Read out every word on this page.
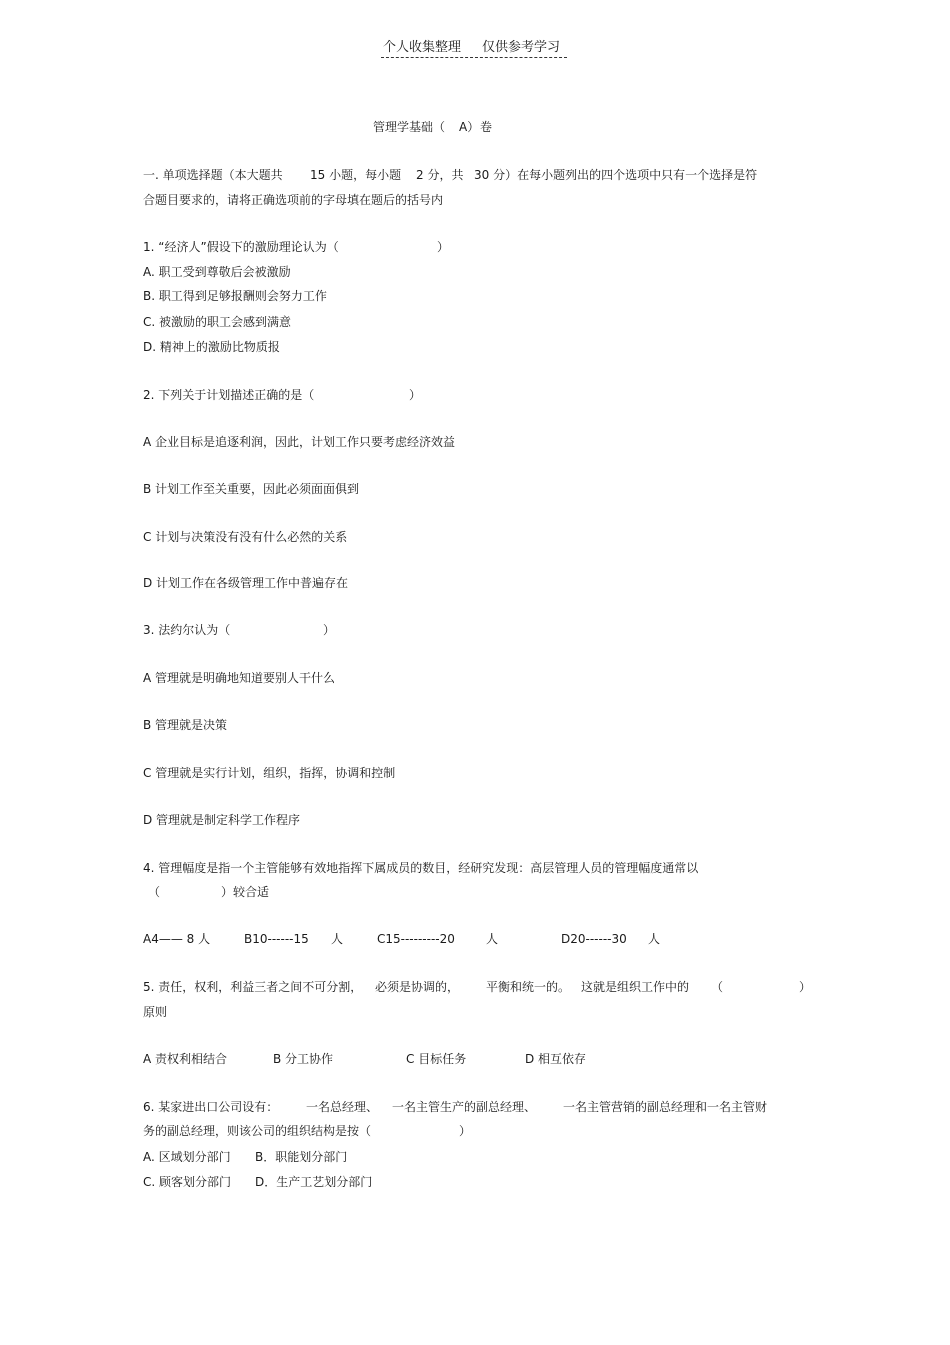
个人收集整理 仅供参考学习
管理学基础（ A） 卷
一. 单项选择题（本大题共 15 小题，每小题 2 分，共 30 分）在每小题列出的四个选项中只有一个选择是符
合题目要求的，请将正确选项前的字母填在题后的括号内
1. “经济人”假设下的激励理论认为（	）
A. 职工受到尊敬后会被激励
B. 职工得到足够报酬则会努力工作
C. 被激励的职工会感到满意
D. 精神上的激励比物质报
2. 下列关于计划描述正确的是（	）
A 企业目标是追逐利润，因此，计划工作只要考虑经济效益
B 计划工作至关重要，因此必须面面俱到
C 计划与决策没有没有什么必然的关系
D 计划工作在各级管理工作中普遍存在
3. 法约尔认为（	）
A 管理就是明确地知道要别人干什么
B 管理就是决策
C 管理就是实行计划，组织，指挥，协调和控制
D 管理就是制定科学工作程序
4. 管理幅度是指一个主管能够有效地指挥下属成员的数目，经研究发现：高层管理人员的管理幅度通常以
（	）较合适
A4—— 8 人	B10------15 人	C15---------20	人	D20------30 人
5. 责任，权利，利益三者之间不可分割， 必须是协调的， 平衡和统一的。 这就是组织工作中的 （	）
原则
A 责权利相结合	B 分工协作	C 目标任务	D 相互依存
6. 某家进出口公司设有： 一名总经理、 一名主管生产的副总经理、 一名主管营销的副总经理和一名主管财
务的副总经理，则该公司的组织结构是按（	）
A. 区域划分部门 B．职能划分部门
C. 顾客划分部门 D．生产工艺划分部门
